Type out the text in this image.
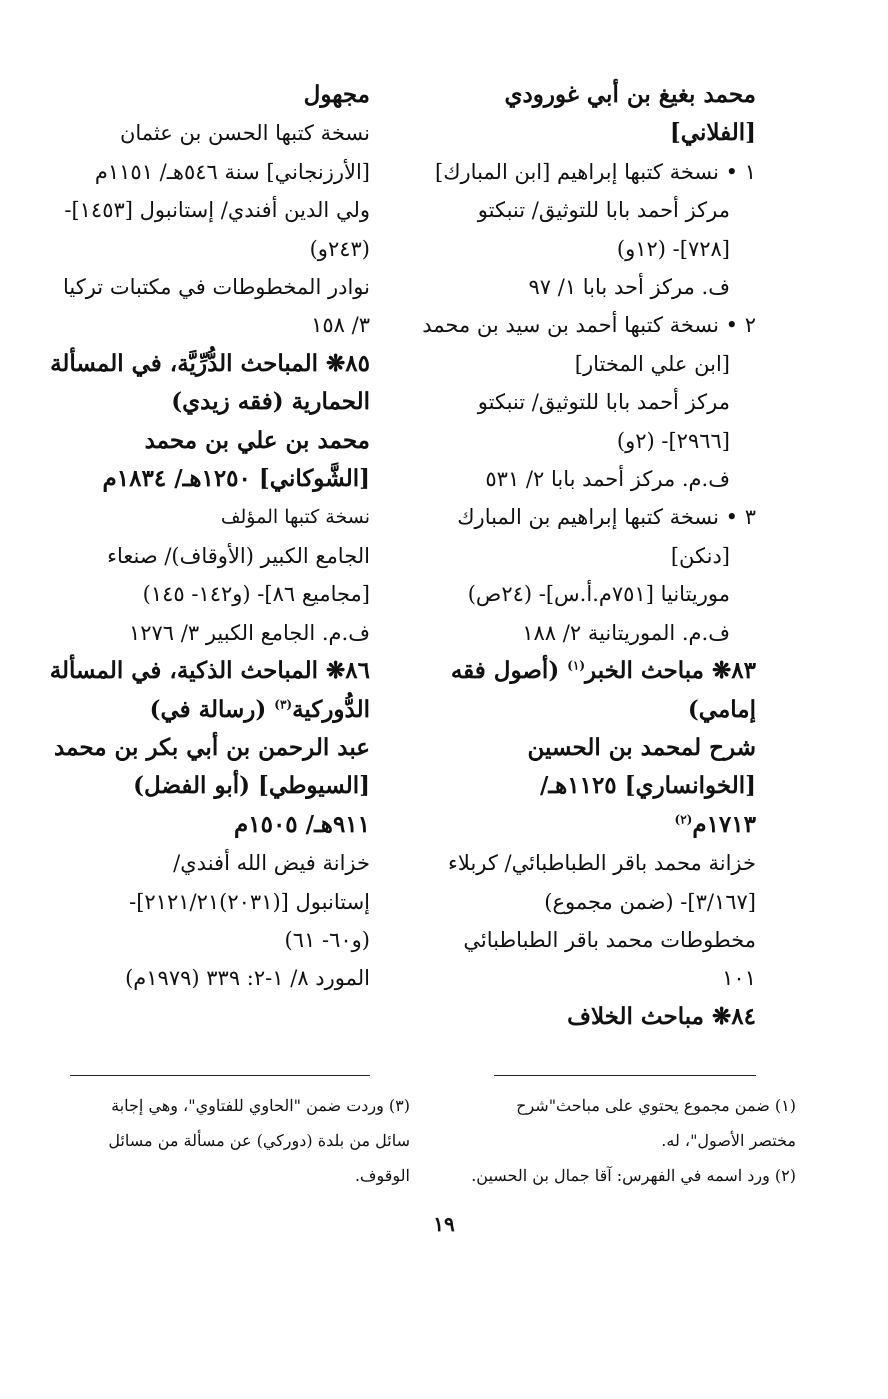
محمد بغيغ بن أبي غورودي
[الفلاني]
١ • نسخة كتبها إبراهيم [ابن المبارك]
مركز أحمد بابا للتوثيق/ تنبكتو
[٧٢٨]- (١٢و)
ف. مركز أحد بابا ١/ ٩٧
٢ • نسخة كتبها أحمد بن سيد بن محمد
[ابن علي المختار]
مركز أحمد بابا للتوثيق/ تنبكتو
[٢٩٦٦]- (٢و)
ف.م. مركز أحمد بابا ٢/ ٥٣١
٣ • نسخة كتبها إبراهيم بن المبارك
[دنكن]
موريتانيا [٧٥١م.أ.س]- (٢٤ص)
ف.م. الموريتانية ٢/ ١٨٨
٨٣❋ مباحث الخبر$^{(١)}$ (أصول فقه
إمامي)
شرح لمحمد بن الحسين
[الخوانساري] ١١٢٥هـ/
١٧١٣م$^{(٢)}$
خزانة محمد باقر الطباطبائي/ كربلاء
[٣/١٦٧]- (ضمن مجموع)
مخطوطات محمد باقر الطباطبائي
١٠١
٨٤❋ مباحث الخلاف
مجهول
نسخة كتبها الحسن بن عثمان
[الأرزنجاني] سنة ٥٤٦هـ/ ١١٥١م
ولي الدين أفندي/ إستانبول [١٤٥٣]-
(٢٤٣و)
نوادر المخطوطات في مكتبات تركيا
٣/ ١٥٨
٨٥❋ المباحث الدُّرِّيَّة، في المسألة
الحمارية (فقه زيدي)
محمد بن علي بن محمد
[الشَّوكاني] ١٢٥٠هـ/ ١٨٣٤م
نسخة كتبها المؤلف
الجامع الكبير (الأوقاف)/ صنعاء
[مجاميع ٨٦]- (و١٤٢- ١٤٥)
ف.م. الجامع الكبير ٣/ ١٢٧٦
٨٦❋ المباحث الذكية، في المسألة
الدُّوركية$^{(٣)}$ (رسالة في)
عبد الرحمن بن أبي بكر بن محمد
[السيوطي] (أبو الفضل)
٩١١هـ/ ١٥٠٥م
خزانة فيض الله أفندي/
إستانبول [(٢٠٣١)٢١٢١/٢١]-
(و٦٠- ٦١)
المورد ٨/ ١-٢: ٣٣٩ (١٩٧٩م)
(١) ضمن مجموع يحتوي على مباحث"شرح
مختصر الأصول"، له.
(٢) ورد اسمه في الفهرس: آقا جمال بن الحسين.
(٣) وردت ضمن "الحاوي للفتاوي"، وهي إجابة
سائل من بلدة (دوركي) عن مسألة من مسائل
الوقوف.
١٩
